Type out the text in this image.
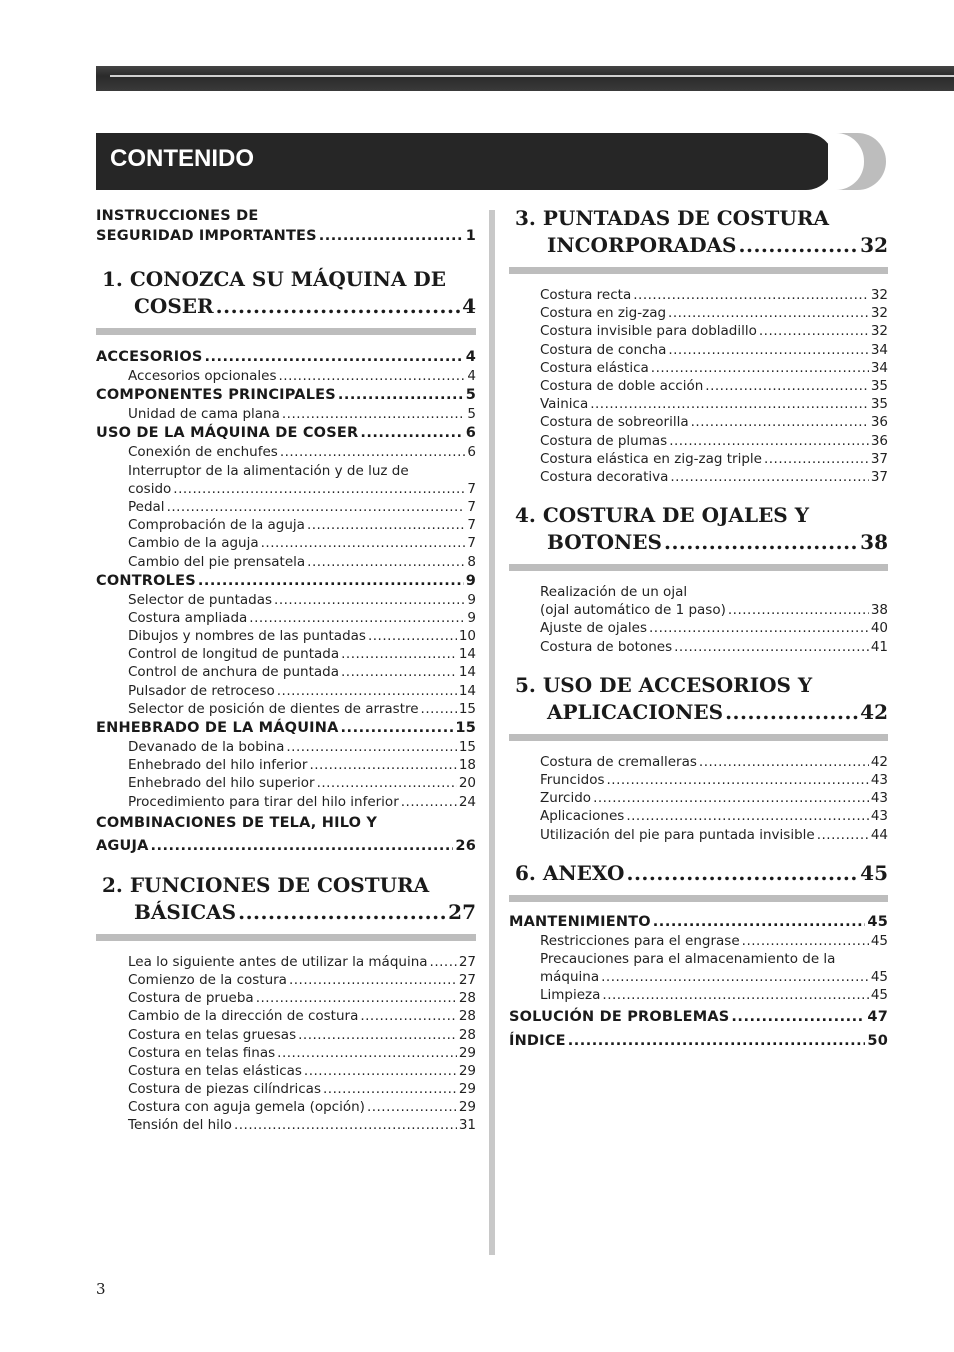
CONTENIDO
INSTRUCCIONES DE
SEGURIDAD IMPORTANTES .....	1
1. CONOZCA SU MÁQUINA DE
COSER .....	4
ACCESORIOS .....	4
Accesorios opcionales .....	4
COMPONENTES PRINCIPALES .....	5
Unidad de cama plana .....	5
USO DE LA MÁQUINA DE COSER .....	6
Conexión de enchufes .....	6
Interruptor de la alimentación y de luz de
cosido .....	7
Pedal .....	7
Comprobación de la aguja .....	7
Cambio de la aguja .....	7
Cambio del pie prensatela .....	8
CONTROLES .....	9
Selector de puntadas .....	9
Costura ampliada .....	9
Dibujos y nombres de las puntadas .....	10
Control de longitud de puntada .....	14
Control de anchura de puntada .....	14
Pulsador de retroceso .....	14
Selector de posición de dientes de arrastre .....	15
ENHEBRADO DE LA MÁQUINA .....	15
Devanado de la bobina .....	15
Enhebrado del hilo inferior .....	18
Enhebrado del hilo superior .....	20
Procedimiento para tirar del hilo inferior .....	24
COMBINACIONES DE TELA, HILO Y
AGUJA .....	26
2. FUNCIONES DE COSTURA
BÁSICAS .....	27
Lea lo siguiente antes de utilizar la máquina ..... 27
Comienzo de la costura .....	27
Costura de prueba .....	28
Cambio de la dirección de costura .....	28
Costura en telas gruesas .....	28
Costura en telas finas .....	29
Costura en telas elásticas .....	29
Costura de piezas cilíndricas .....	29
Costura con aguja gemela (opción) .....	29
Tensión del hilo .....	31
3. PUNTADAS DE COSTURA
INCORPORADAS .....	32
Costura recta .....	32
Costura en zig-zag .....	32
Costura invisible para dobladillo .....	32
Costura de concha .....	34
Costura elástica .....	34
Costura de doble acción .....	35
Vainica .....	35
Costura de sobreorilla .....	36
Costura de plumas .....	36
Costura elástica en zig-zag triple .....	37
Costura decorativa .....	37
4. COSTURA DE OJALES Y
BOTONES .....	38
Realización de un ojal
(ojal automático de 1 paso) .....	38
Ajuste de ojales .....	40
Costura de botones .....	41
5. USO DE ACCESORIOS Y
APLICACIONES .....	42
Costura de cremalleras .....	42
Fruncidos .....	43
Zurcido .....	43
Aplicaciones .....	43
Utilización del pie para puntada invisible .....	44
6. ANEXO .....	45
MANTENIMIENTO .....	45
Restricciones para el engrase .....	45
Precauciones para el almacenamiento de la
máquina .....	45
Limpieza .....	45
SOLUCIÓN DE PROBLEMAS .....	47
ÍNDICE .....	50
3
